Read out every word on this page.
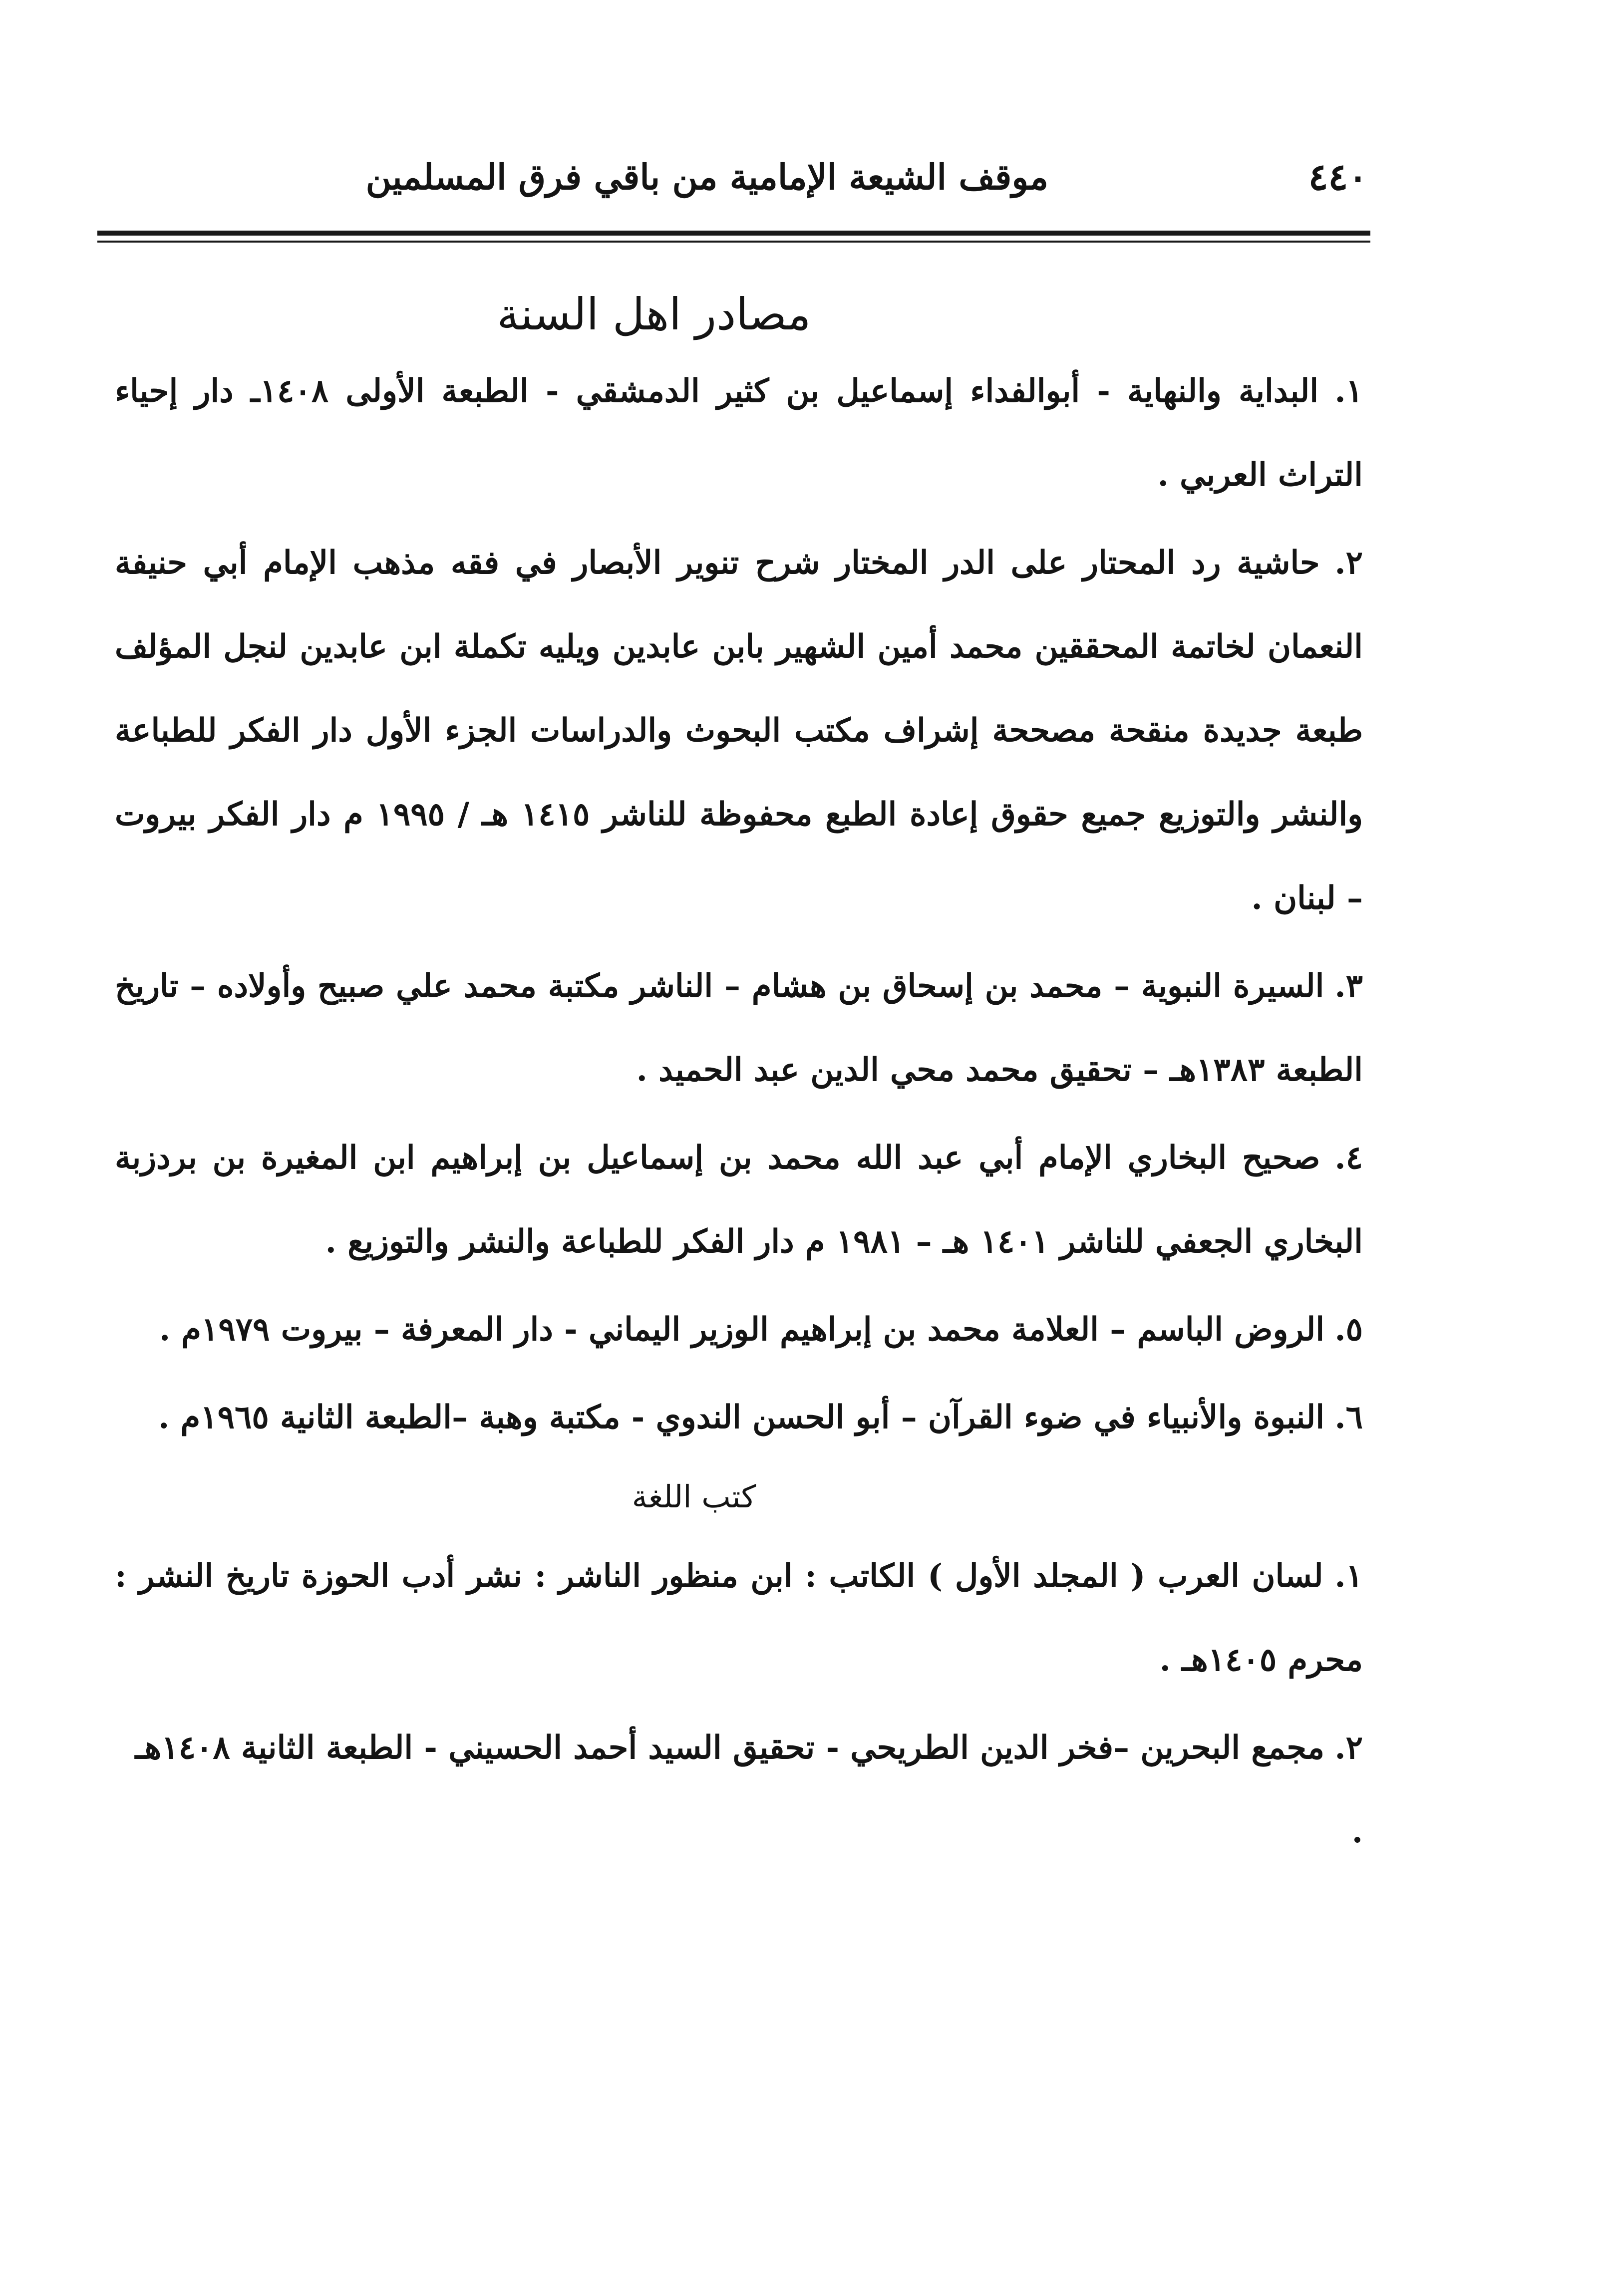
٤٤٠
موقف الشيعة الإمامية من باقي فرق المسلمين
مصادر اهل السنة

١. البداية والنهاية - أبوالفداء إسماعيل بن كثير الدمشقي - الطبعة الأولى ١٤٠٨ـ دار إحياء التراث العربي .

٢. حاشية رد المحتار على الدر المختار شرح تنوير الأبصار في فقه مذهب الإمام أبي حنيفة النعمان لخاتمة المحققين محمد أمين الشهير بابن عابدين ويليه تكملة ابن عابدين لنجل المؤلف طبعة جديدة منقحة مصححة إشراف مكتب البحوث والدراسات الجزء الأول دار الفكر للطباعة والنشر والتوزيع جميع حقوق إعادة الطبع محفوظة للناشر ١٤١٥ هـ / ١٩٩٥ م دار الفكر بيروت – لبنان .

٣. السيرة النبوية – محمد بن إسحاق بن هشام – الناشر مكتبة محمد علي صبيح وأولاده – تاريخ الطبعة ١٣٨٣هـ – تحقيق محمد محي الدين عبد الحميد .

٤. صحيح البخاري الإمام أبي عبد الله محمد بن إسماعيل بن إبراهيم ابن المغيرة بن بردزبة البخاري الجعفي للناشر ١٤٠١ هـ – ١٩٨١ م دار الفكر للطباعة والنشر والتوزيع .

٥. الروض الباسم – العلامة محمد بن إبراهيم الوزير اليماني - دار المعرفة – بيروت ١٩٧٩م .

٦. النبوة والأنبياء في ضوء القرآن – أبو الحسن الندوي - مكتبة وهبة –الطبعة الثانية ١٩٦٥م .

كتب اللغة

١. لسان العرب ( المجلد الأول ) الكاتب : ابن منظور الناشر : نشر أدب الحوزة تاريخ النشر : محرم ١٤٠٥هـ .

٢. مجمع البحرين –فخر الدين الطريحي - تحقيق السيد أحمد الحسيني - الطبعة الثانية ١٤٠٨هـ .
